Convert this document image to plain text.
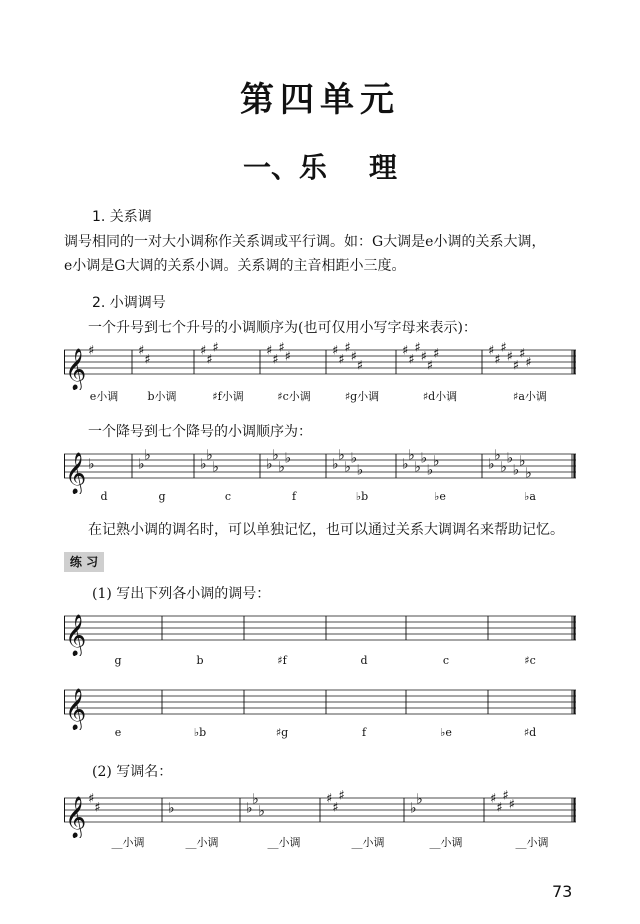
第四单元
一、乐 理
1. 关系调
调号相同的一对大小调称作关系调或平行调。如：G大调是e小调的关系大调，
e小调是G大调的关系小调。关系调的主音相距小三度。
2. 小调调号
一个升号到七个升号的小调顺序为(也可仅用小写字母来表示)：
𝄞 ♯	♯
♯
♯
♯
♯	♯
♯
♯
♯	♯
♯
♯
♯
♯
♯
♯
♯
♯
♯
♯	♯
♯
♯
♯
♯
♯
♯
e小调	b小调	♯f小调	♯c小调	♯g小调	♯d小调	♯a小调
一个降号到七个降号的小调顺序为：
𝄞 ♭	♭
♭
♭
♭
♭	♭
♭
♭
♭	♭
♭
♭
♭
♭	♭
♭
♭
♭
♭
♭	♭
♭
♭
♭
♭
♭
♭
d	g	c	f	♭b	♭e	♭a
在记熟小调的调名时，可以单独记忆，也可以通过关系大调调名来帮助记忆。
练 习
(1) 写出下列各小调的调号：
𝄞
g	b	♯f	d	c	♯c
𝄞
e	♭b	♯g	f	♭e	♯d
(2) 写调名：
𝄞 ♯
♯	♭	♭
♭
♭
♯
♯
♯
♭
♭	♯
♯
♯
♯
__小调	__小调	__小调	__小调	__小调	__小调
73
